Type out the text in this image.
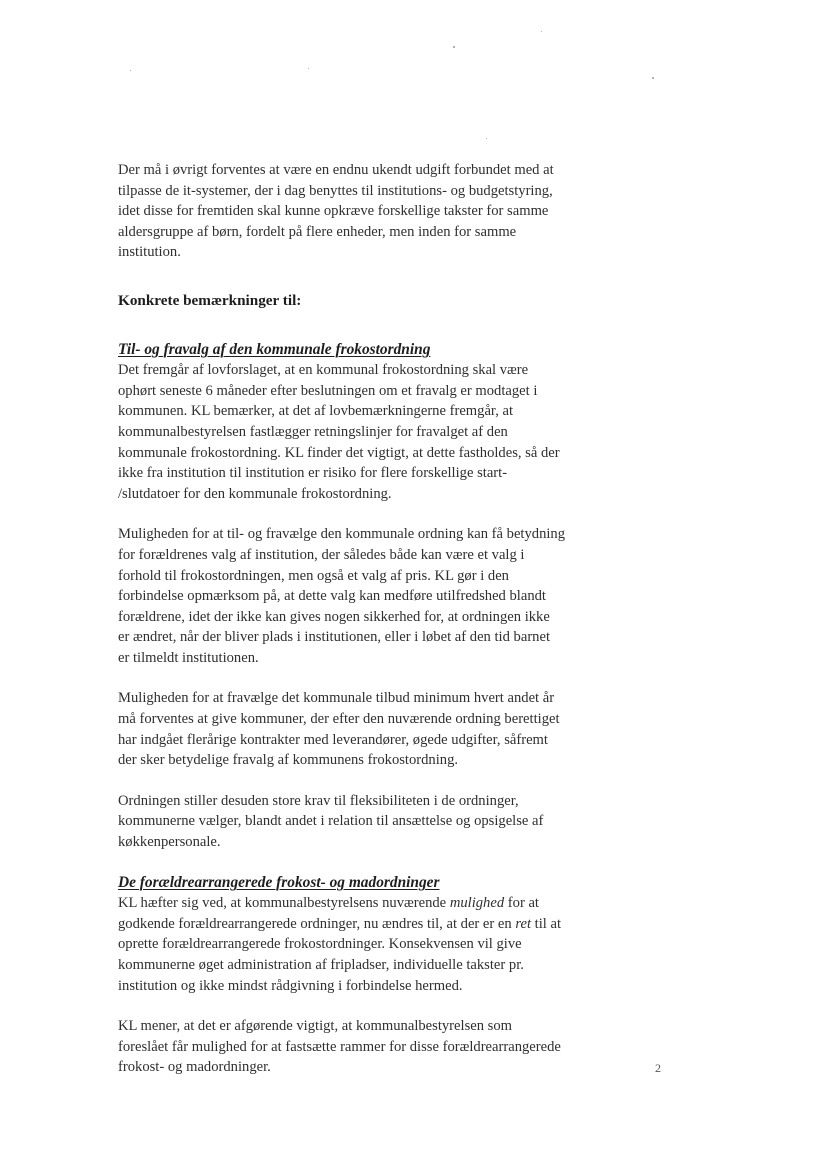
Der må i øvrigt forventes at være en endnu ukendt udgift forbundet med at
tilpasse de it-systemer, der i dag benyttes til institutions- og budgetstyring,
idet disse for fremtiden skal kunne opkræve forskellige takster for samme
aldersgruppe af børn, fordelt på flere enheder, men inden for samme
institution.

Konkrete bemærkninger til:
Til- og fravalg af den kommunale frokostordning

Det fremgår af lovforslaget, at en kommunal frokostordning skal være
ophørt seneste 6 måneder efter beslutningen om et fravalg er modtaget i
kommunen. KL bemærker, at det af lovbemærkningerne fremgår, at
kommunalbestyrelsen fastlægger retningslinjer for fravalget af den
kommunale frokostordning. KL finder det vigtigt, at dette fastholdes, så der
ikke fra institution til institution er risiko for flere forskellige start-
/slutdatoer for den kommunale frokostordning.

Muligheden for at til- og fravælge den kommunale ordning kan få betydning
for forældrenes valg af institution, der således både kan være et valg i
forhold til frokostordningen, men også et valg af pris. KL gør i den
forbindelse opmærksom på, at dette valg kan medføre utilfredshed blandt
forældrene, idet der ikke kan gives nogen sikkerhed for, at ordningen ikke
er ændret, når der bliver plads i institutionen, eller i løbet af den tid barnet
er tilmeldt institutionen.

Muligheden for at fravælge det kommunale tilbud minimum hvert andet år
må forventes at give kommuner, der efter den nuværende ordning berettiget
har indgået flerårige kontrakter med leverandører, øgede udgifter, såfremt
der sker betydelige fravalg af kommunens frokostordning.

Ordningen stiller desuden store krav til fleksibiliteten i de ordninger,
kommunerne vælger, blandt andet i relation til ansættelse og opsigelse af
køkkenpersonale.

De forældrearrangerede frokost- og madordninger

KL hæfter sig ved, at kommunalbestyrelsens nuværende mulighed for at
godkende forældrearrangerede ordninger, nu ændres til, at der er en ret til at
oprette forældrearrangerede frokostordninger. Konsekvensen vil give
kommunerne øget administration af fripladser, individuelle takster pr.
institution og ikke mindst rådgivning i forbindelse hermed.

KL mener, at det er afgørende vigtigt, at kommunalbestyrelsen som
foreslået får mulighed for at fastsætte rammer for disse forældrearrangerede
frokost- og madordninger.	2
